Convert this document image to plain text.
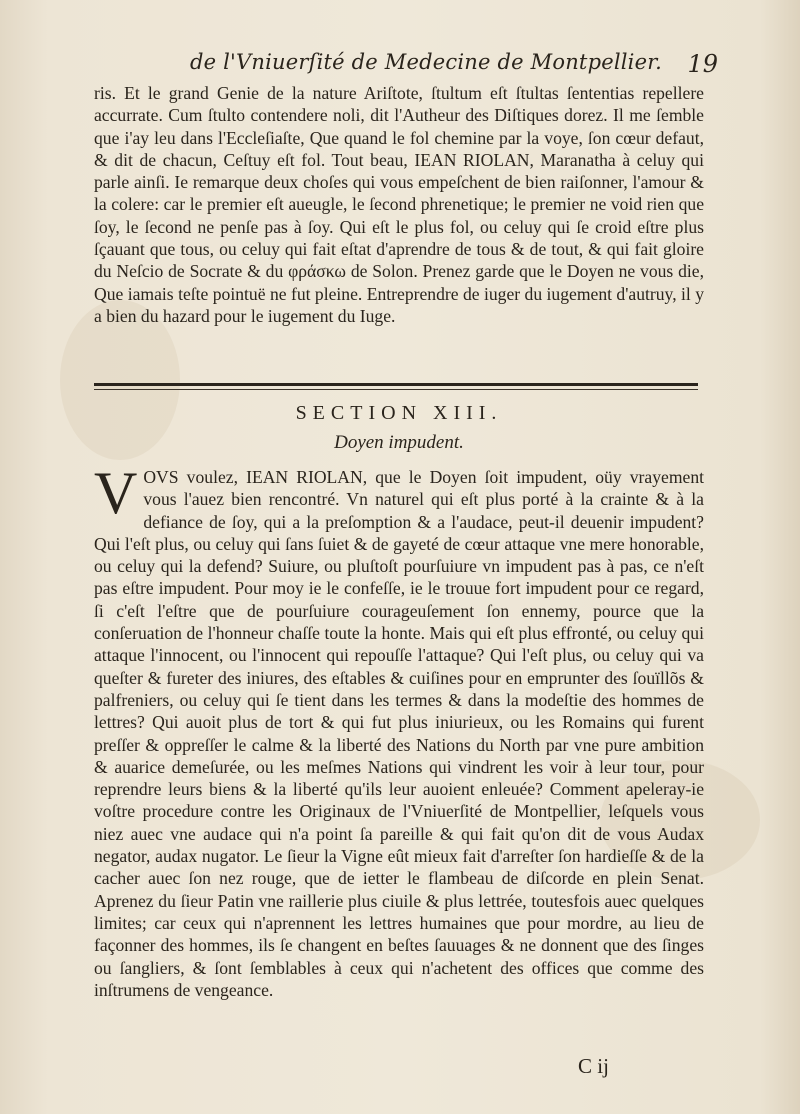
de l'Vniuerſité de Medecine de Montpellier. 19

ris. Et le grand Genie de la nature Ariſtote, ſtultum eſt ſtultas ſententias repellere accurrate. Cum ſtulto contendere noli, dit l'Autheur des Diſtiques dorez. Il me ſemble que i'ay leu dans l'Eccleſiaſte, Que quand le fol chemine par la voye, ſon cœur defaut, & dit de chacun, Ceſtuy eſt fol. Tout beau, IEAN RIOLAN, Maranatha à celuy qui parle ainſi. Ie remarque deux choſes qui vous empeſchent de bien raiſonner, l'amour & la colere: car le premier eſt aueugle, le ſecond phrenetique; le premier ne void rien que ſoy, le ſecond ne penſe pas à ſoy. Qui eſt le plus fol, ou celuy qui ſe croid eſtre plus ſçauant que tous, ou celuy qui fait eſtat d'aprendre de tous & de tout, & qui fait gloire du Neſcio de Socrate & du φράσκω de Solon. Prenez garde que le Doyen ne vous die, Que iamais teſte pointuë ne fut pleine. Entreprendre de iuger du iugement d'autruy, il y a bien du hazard pour le iugement du Iuge.

SECTION XIII.
Doyen impudent.
V OVS voulez, IEAN RIOLAN, que le Doyen ſoit impudent, oüy vrayement vous l'auez bien rencontré. Vn naturel qui eſt plus porté à la crainte & à la defiance de ſoy, qui a la preſomption & a l'audace, peut-il deuenir impudent? Qui l'eſt plus, ou celuy qui ſans ſuiet & de gayeté de cœur attaque vne mere honorable, ou celuy qui la defend? Suiure, ou pluſtoſt pourſuiure vn impudent pas à pas, ce n'eſt pas eſtre impudent. Pour moy ie le confeſſe, ie le trouue fort impudent pour ce regard, ſi c'eſt l'eſtre que de pourſuiure courageuſement ſon ennemy, pource que la conſeruation de l'honneur chaſſe toute la honte. Mais qui eſt plus effronté, ou celuy qui attaque l'innocent, ou l'innocent qui repouſſe l'attaque? Qui l'eſt plus, ou celuy qui va queſter & fureter des iniures, des eſtables & cuiſines pour en emprunter des ſouïllõs & palfreniers, ou celuy qui ſe tient dans les termes & dans la modeſtie des hommes de lettres? Qui auoit plus de tort & qui fut plus iniurieux, ou les Romains qui furent preſſer & oppreſſer le calme & la liberté des Nations du North par vne pure ambition & auarice demeſurée, ou les meſmes Nations qui vindrent les voir à leur tour, pour reprendre leurs biens & la liberté qu'ils leur auoient enleuée? Comment apeleray-ie voſtre procedure contre les Originaux de l'Vniuerſité de Montpellier, leſquels vous niez auec vne audace qui n'a point ſa pareille & qui fait qu'on dit de vous Audax negator, audax nugator. Le ſieur la Vigne eût mieux fait d'arreſter ſon hardieſſe & de la cacher auec ſon nez rouge, que de ietter le flambeau de diſcorde en plein Senat. Aprenez du ſieur Patin vne raillerie plus ciuile & plus lettrée, toutesfois auec quelques limites; car ceux qui n'aprennent les lettres humaines que pour mordre, au lieu de façonner des hommes, ils ſe changent en beſtes ſauuages & ne donnent que des ſinges ou ſangliers, & ſont ſemblables à ceux qui n'achetent des offices que comme des inſtrumens de vengeance.

C ij
